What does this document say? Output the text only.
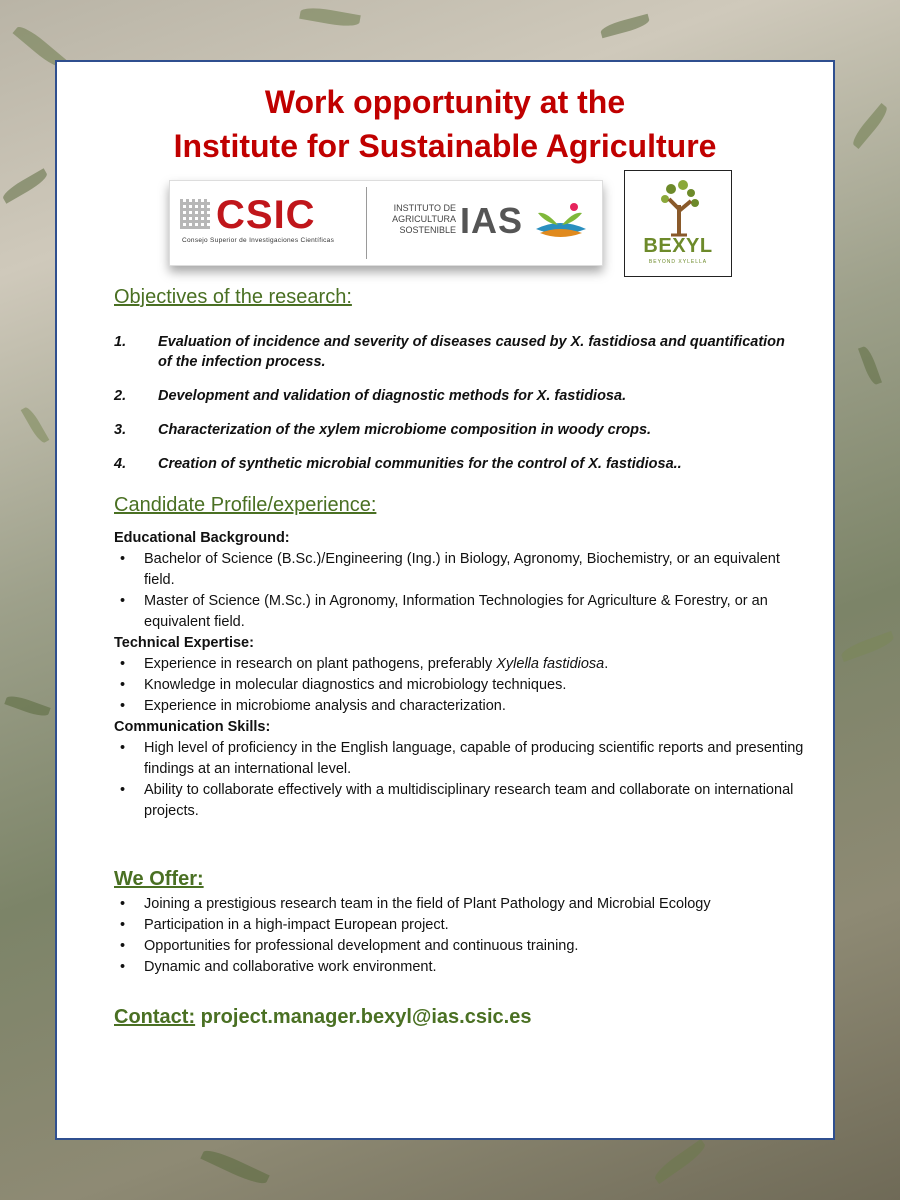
Work opportunity at the
Institute for Sustainable Agriculture
CSIC
Consejo Superior de Investigaciones Científicas
INSTITUTO DE
AGRICULTURA
SOSTENIBLE IAS
BEXYL
BEYOND XYLELLA
Objectives of the research:
1. Evaluation of incidence and severity of diseases caused by X. fastidiosa and quantification of the infection process.
2. Development and validation of diagnostic methods for X. fastidiosa.
3. Characterization of the xylem microbiome composition in woody crops.
4. Creation of synthetic microbial communities for the control of X. fastidiosa..
Candidate Profile/experience:
Educational Background:
• Bachelor of Science (B.Sc.)/Engineering (Ing.) in Biology, Agronomy, Biochemistry, or an equivalent field.
• Master of Science (M.Sc.) in Agronomy, Information Technologies for Agriculture & Forestry, or an equivalent field.
Technical Expertise:
• Experience in research on plant pathogens, preferably Xylella fastidiosa.
• Knowledge in molecular diagnostics and microbiology techniques.
• Experience in microbiome analysis and characterization.
Communication Skills:
• High level of proficiency in the English language, capable of producing scientific reports and presenting findings at an international level.
• Ability to collaborate effectively with a multidisciplinary research team and collaborate on international projects.
We Offer:
• Joining a prestigious research team in the field of Plant Pathology and Microbial Ecology
• Participation in a high-impact European project.
• Opportunities for professional development and continuous training.
• Dynamic and collaborative work environment.
Contact: project.manager.bexyl@ias.csic.es
